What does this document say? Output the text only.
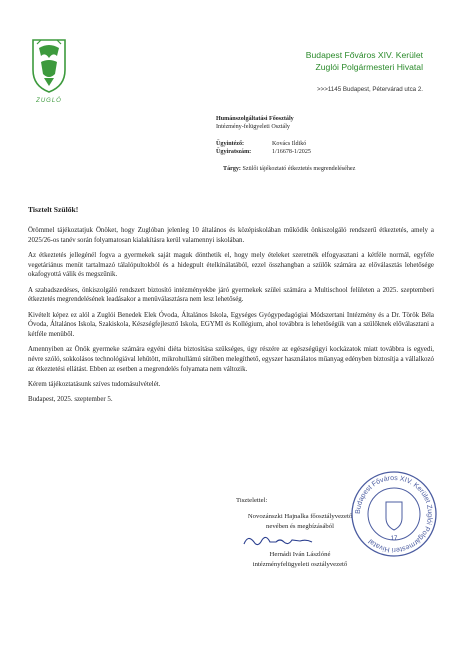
ZUGLÓ
Budapest Főváros XIV. Kerület
Zuglói Polgármesteri Hivatal
>>>1145 Budapest, Pétervárad utca 2.
Humánszolgáltatási Főosztály
Intézmény-felügyeleti Osztály
Ügyintéző:	Kovács Ildikó
Ügyiratszám:	1/16678-1/2025
Tárgy: Szülői tájékoztató étkeztetés megrendeléséhez
Tisztelt Szülők!

Örömmel tájékoztatjuk Önöket, hogy Zuglóban jelenleg 10 általános és középiskolában működik önkiszolgáló rendszerű étkeztetés, amely a 2025/26-os tanév során folyamatosan kialakításra kerül valamennyi iskolában.

Az étkeztetés jellegénél fogva a gyermekek saját maguk dönthetik el, hogy mely ételeket szeretnék elfogyasztani a kétféle normál, egyféle vegetáriánus menüt tartalmazó tálalópultokból és a hidegpult ételkínálatából, ezzel összhangban a szülők számára az előválasztás lehetősége okafogyottá válik és megszűnik.

A szabadszedéses, önkiszolgáló rendszert biztosító intézményekbe járó gyermekek szülei számára a Multischool felületen a 2025. szeptemberi étkeztetés megrendelésének leadásakor a menüválasztásra nem lesz lehetőség.

Kivételt képez ez alól a Zuglói Benedek Elek Óvoda, Általános Iskola, Egységes Gyógypedagógiai Módszertani Intézmény és a Dr. Török Béla Óvoda, Általános Iskola, Szakiskola, Készségfejlesztő Iskola, EGYMI és Kollégium, ahol továbbra is lehetőségük van a szülőknek előválasztani a kétféle menüből.

Amennyiben az Önök gyermeke számára egyéni diéta biztosítása szükséges, úgy részére az egészségügyi kockázatok miatt továbbra is egyedi, névre szóló, sokkolásos technológiával lehűtött, mikrohullámú sütőben melegíthető, egyszer használatos műanyag edényben biztosítja a vállalkozó az étkeztetési ellátást. Ebben az esetben a megrendelés folyamata nem változik.

Kérem tájékoztatásunk szíves tudomásulvételét.

Budapest, 2025. szeptember 5.

Tisztelettel:
Novozánszki Hajnalka főosztályvezető
nevében és megbízásából
Hernádi Iván Lászlóné
intézményfelügyeleti osztályvezető
Budapest Főváros XIV. Kerület Zuglói Polgármesteri Hivatal	17
